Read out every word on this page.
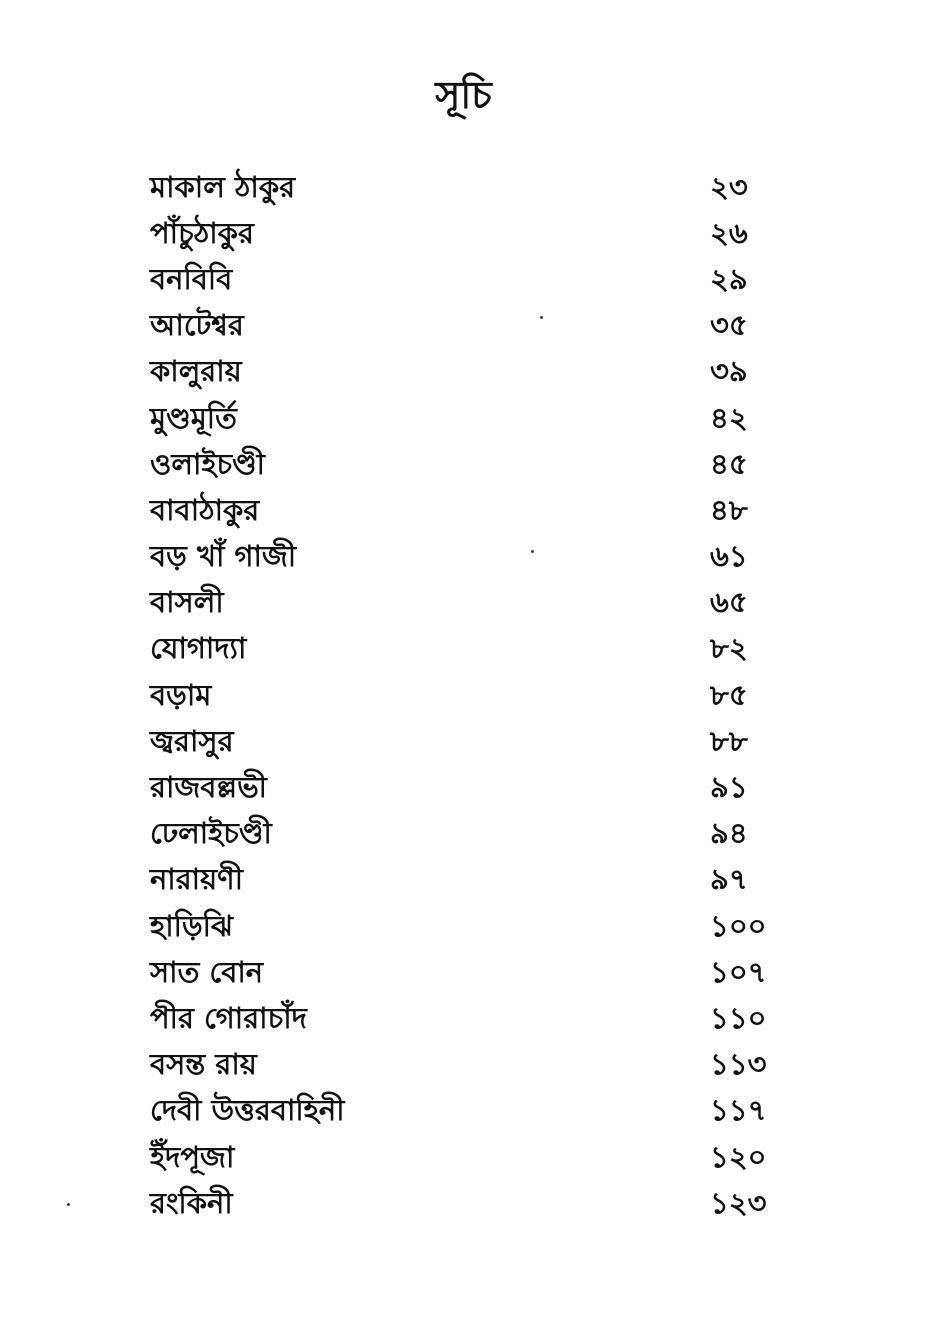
সূচি
মাকাল ঠাকুর	২৩
পাঁচুঠাকুর	২৬
বনবিবি	২৯
আটেশ্বর	৩৫
কালুরায়	৩৯
মুণ্ডমূর্তি	৪২
ওলাইচণ্ডী	৪৫
বাবাঠাকুর	৪৮
বড় খাঁ গাজী	৬১
বাসলী	৬৫
যোগাদ্যা	৮২
বড়াম	৮৫
জ্বরাসুর	৮৮
রাজবল্লভী	৯১
ঢেলাইচণ্ডী	৯৪
নারায়ণী	৯৭
হাড়িঝি	১০০
সাত বোন	১০৭
পীর গোরাচাঁদ	১১০
বসন্ত রায়	১১৩
দেবী উত্তরবাহিনী	১১৭
ইঁদপূজা	১২০
রংকিনী	১২৩
